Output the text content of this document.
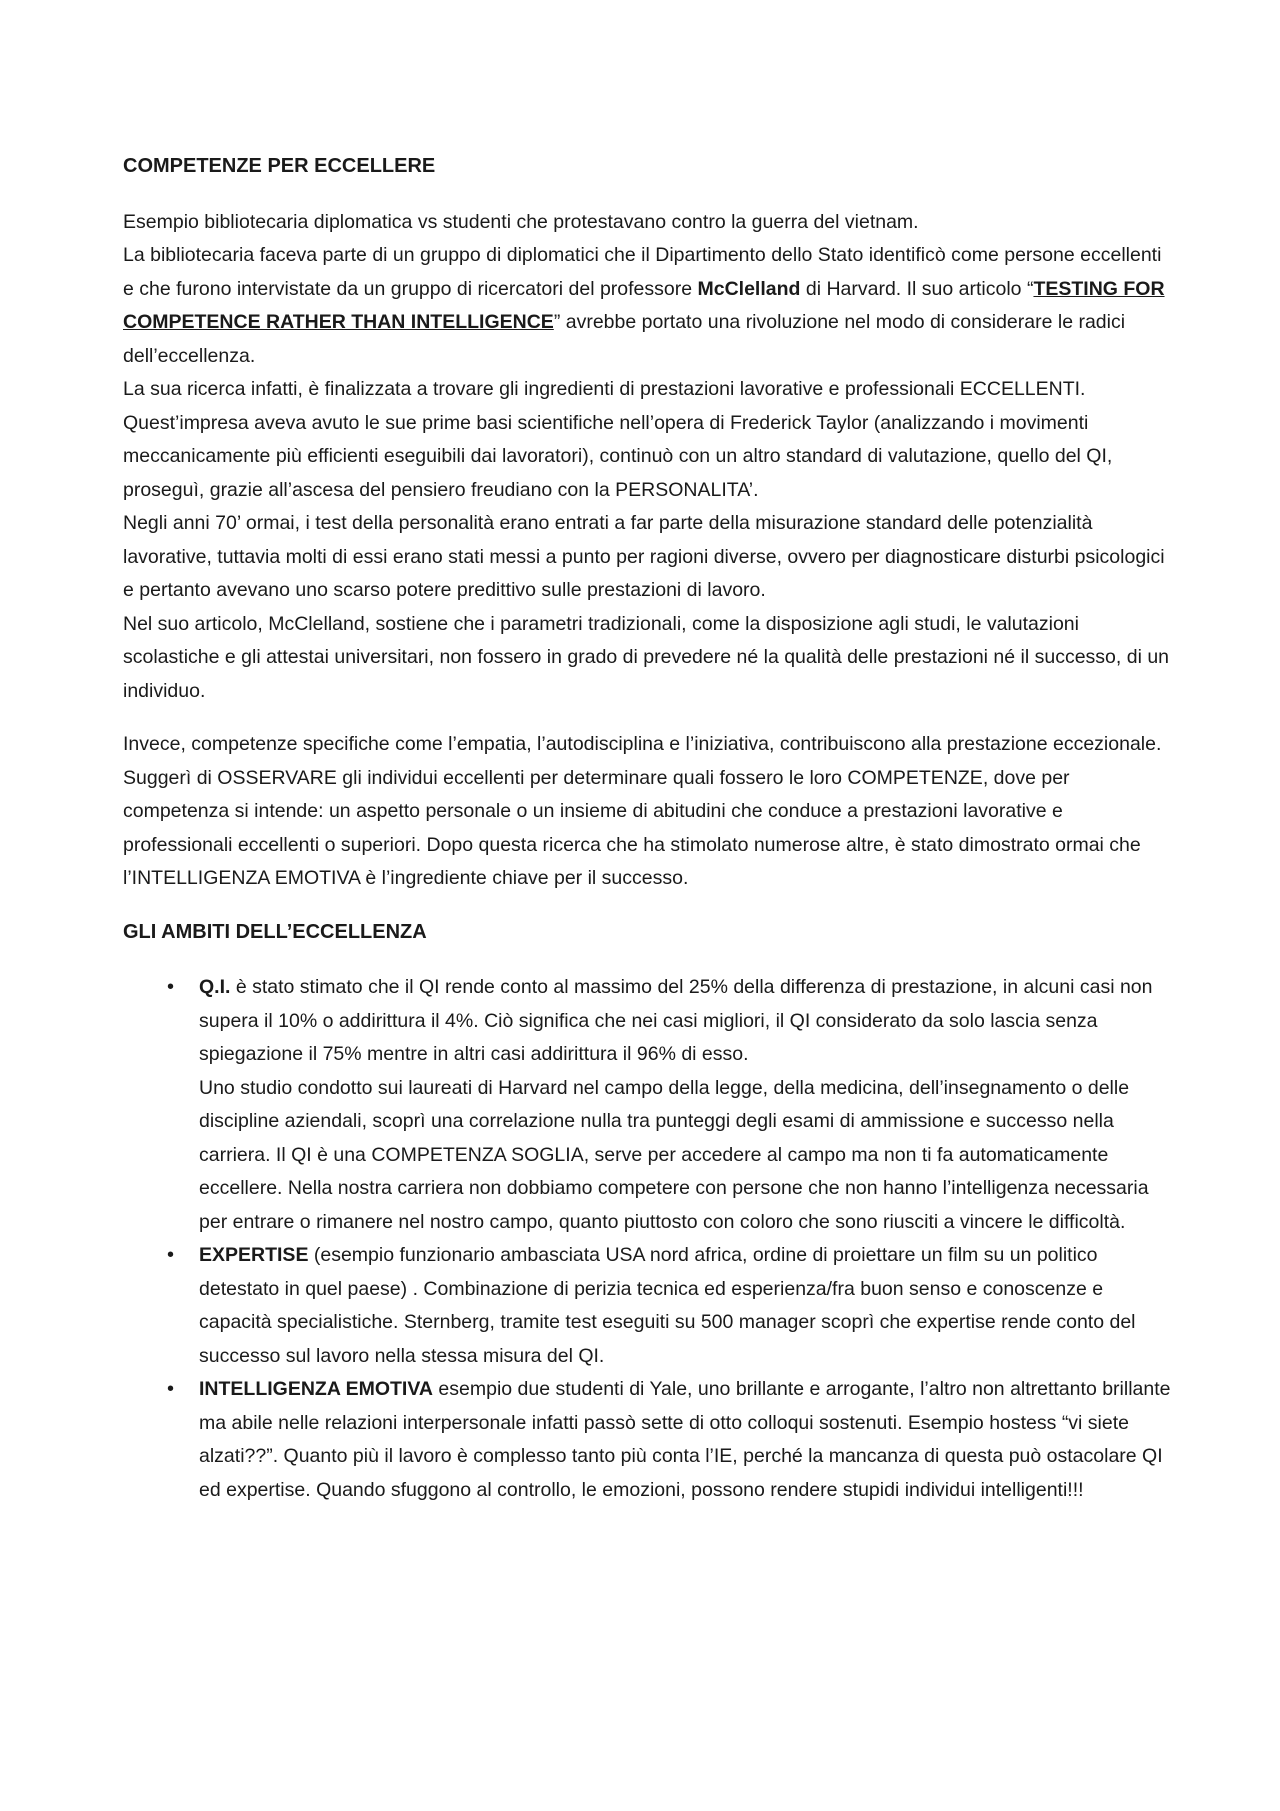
COMPETENZE PER ECCELLERE

Esempio bibliotecaria diplomatica vs studenti che protestavano contro la guerra del vietnam.
La bibliotecaria faceva parte di un gruppo di diplomatici che il Dipartimento dello Stato identificò come persone eccellenti e che furono intervistate da un gruppo di ricercatori del professore McClelland di Harvard. Il suo articolo “TESTING FOR COMPETENCE RATHER THAN INTELLIGENCE” avrebbe portato una rivoluzione nel modo di considerare le radici dell’eccellenza.
La sua ricerca infatti, è finalizzata a trovare gli ingredienti di prestazioni lavorative e professionali ECCELLENTI.
Quest’impresa aveva avuto le sue prime basi scientifiche nell’opera di Frederick Taylor (analizzando i movimenti meccanicamente più efficienti eseguibili dai lavoratori), continuò con un altro standard di valutazione, quello del QI, proseguì, grazie all’ascesa del pensiero freudiano con la PERSONALITA’.
Negli anni 70’ ormai, i test della personalità erano entrati a far parte della misurazione standard delle potenzialità lavorative, tuttavia molti di essi erano stati messi a punto per ragioni diverse, ovvero per diagnosticare disturbi psicologici e pertanto avevano uno scarso potere predittivo sulle prestazioni di lavoro.
Nel suo articolo, McClelland, sostiene che i parametri tradizionali, come la disposizione agli studi, le valutazioni scolastiche e gli attestai universitari, non fossero in grado di prevedere né la qualità delle prestazioni né il successo, di un individuo.

Invece, competenze specifiche come l’empatia, l’autodisciplina e l’iniziativa, contribuiscono alla prestazione eccezionale. Suggerì di OSSERVARE gli individui eccellenti per determinare quali fossero le loro COMPETENZE, dove per competenza si intende: un aspetto personale o un insieme di abitudini che conduce a prestazioni lavorative e professionali eccellenti o superiori. Dopo questa ricerca che ha stimolato numerose altre, è stato dimostrato ormai che l’INTELLIGENZA EMOTIVA è l’ingrediente chiave per il successo.

GLI AMBITI DELL’ECCELLENZA
• Q.I. è stato stimato che il QI rende conto al massimo del 25% della differenza di prestazione, in alcuni casi non supera il 10% o addirittura il 4%. Ciò significa che nei casi migliori, il QI considerato da solo lascia senza spiegazione il 75% mentre in altri casi addirittura il 96% di esso.
Uno studio condotto sui laureati di Harvard nel campo della legge, della medicina, dell’insegnamento o delle discipline aziendali, scoprì una correlazione nulla tra punteggi degli esami di ammissione e successo nella carriera. Il QI è una COMPETENZA SOGLIA, serve per accedere al campo ma non ti fa automaticamente eccellere. Nella nostra carriera non dobbiamo competere con persone che non hanno l’intelligenza necessaria per entrare o rimanere nel nostro campo, quanto piuttosto con coloro che sono riusciti a vincere le difficoltà.
• EXPERTISE (esempio funzionario ambasciata USA nord africa, ordine di proiettare un film su un politico detestato in quel paese) . Combinazione di perizia tecnica ed esperienza/fra buon senso e conoscenze e capacità specialistiche. Sternberg, tramite test eseguiti su 500 manager scoprì che expertise rende conto del successo sul lavoro nella stessa misura del QI.
• INTELLIGENZA EMOTIVA esempio due studenti di Yale, uno brillante e arrogante, l’altro non altrettanto brillante ma abile nelle relazioni interpersonale infatti passò sette di otto colloqui sostenuti. Esempio hostess “vi siete alzati??”. Quanto più il lavoro è complesso tanto più conta l’IE, perché la mancanza di questa può ostacolare QI ed expertise. Quando sfuggono al controllo, le emozioni, possono rendere stupidi individui intelligenti!!!
